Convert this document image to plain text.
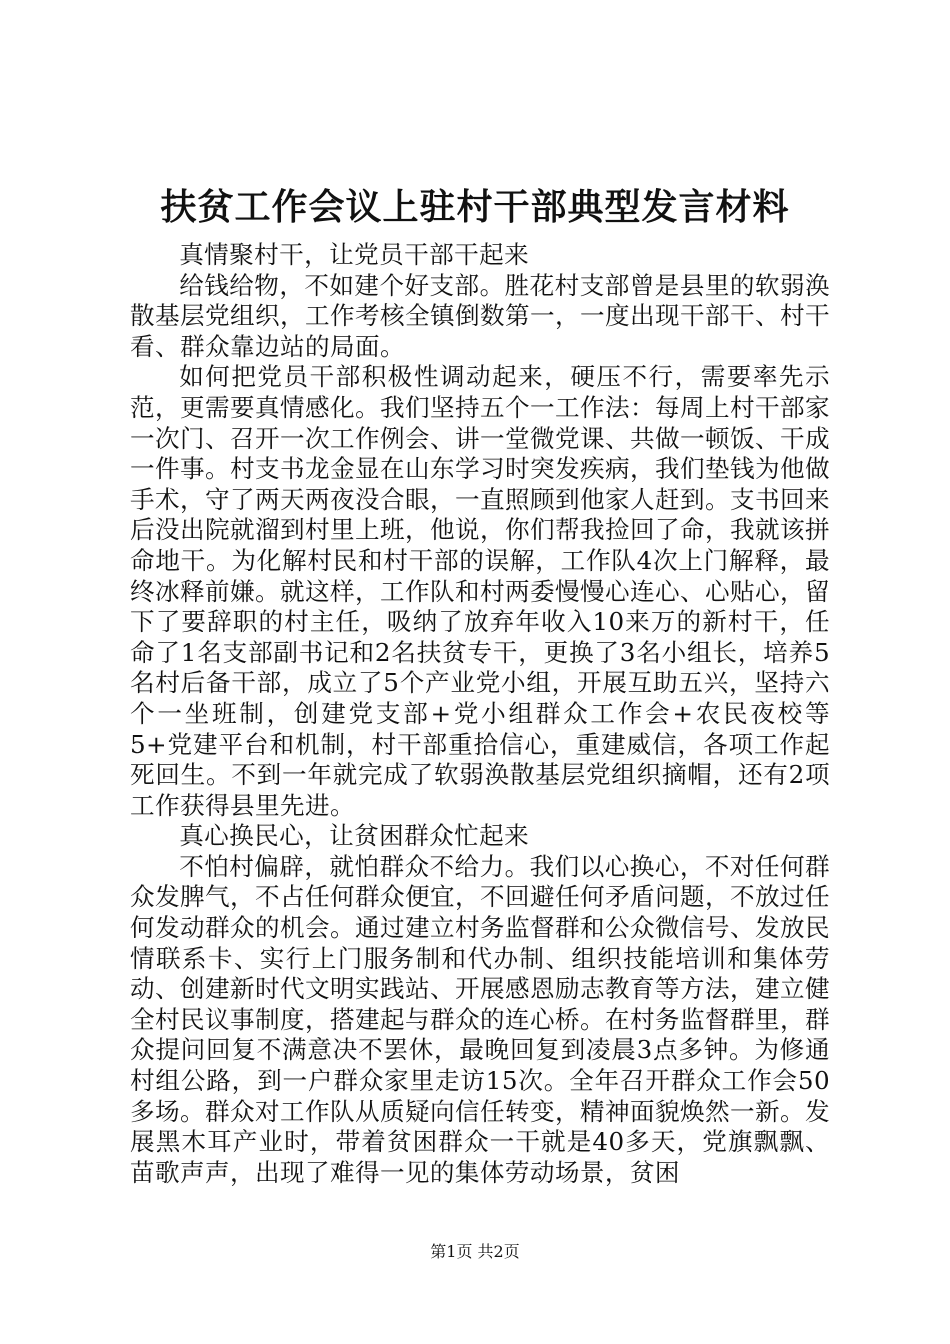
扶贫工作会议上驻村干部典型发言材料

真情聚村干，让党员干部干起来

给钱给物，不如建个好支部。胜花村支部曾是县里的软弱涣散基层党组织，工作考核全镇倒数第一，一度出现干部干、村干看、群众靠边站的局面。

如何把党员干部积极性调动起来，硬压不行，需要率先示范，更需要真情感化。我们坚持五个一工作法：每周上村干部家一次门、召开一次工作例会、讲一堂微党课、共做一顿饭、干成一件事。村支书龙金显在山东学习时突发疾病，我们垫钱为他做手术，守了两天两夜没合眼，一直照顾到他家人赶到。支书回来后没出院就溜到村里上班，他说，你们帮我捡回了命，我就该拼命地干。为化解村民和村干部的误解，工作队4次上门解释，最终冰释前嫌。就这样，工作队和村两委慢慢心连心、心贴心，留下了要辞职的村主任，吸纳了放弃年收入10来万的新村干，任命了1名支部副书记和2名扶贫专干，更换了3名小组长，培养5名村后备干部，成立了5个产业党小组，开展互助五兴，坚持六个一坐班制，创建党支部+党小组群众工作会+农民夜校等5+党建平台和机制，村干部重拾信心，重建威信，各项工作起死回生。不到一年就完成了软弱涣散基层党组织摘帽，还有2项工作获得县里先进。

真心换民心，让贫困群众忙起来

不怕村偏辟，就怕群众不给力。我们以心换心，不对任何群众发脾气，不占任何群众便宜，不回避任何矛盾问题，不放过任何发动群众的机会。通过建立村务监督群和公众微信号、发放民情联系卡、实行上门服务制和代办制、组织技能培训和集体劳动、创建新时代文明实践站、开展感恩励志教育等方法，建立健全村民议事制度，搭建起与群众的连心桥。在村务监督群里，群众提问回复不满意决不罢休，最晚回复到凌晨3点多钟。为修通村组公路，到一户群众家里走访15次。全年召开群众工作会50多场。群众对工作队从质疑向信任转变，精神面貌焕然一新。发展黑木耳产业时，带着贫困群众一干就是40多天，党旗飘飘、苗歌声声，出现了难得一见的集体劳动场景，贫困

第1页 共2页
